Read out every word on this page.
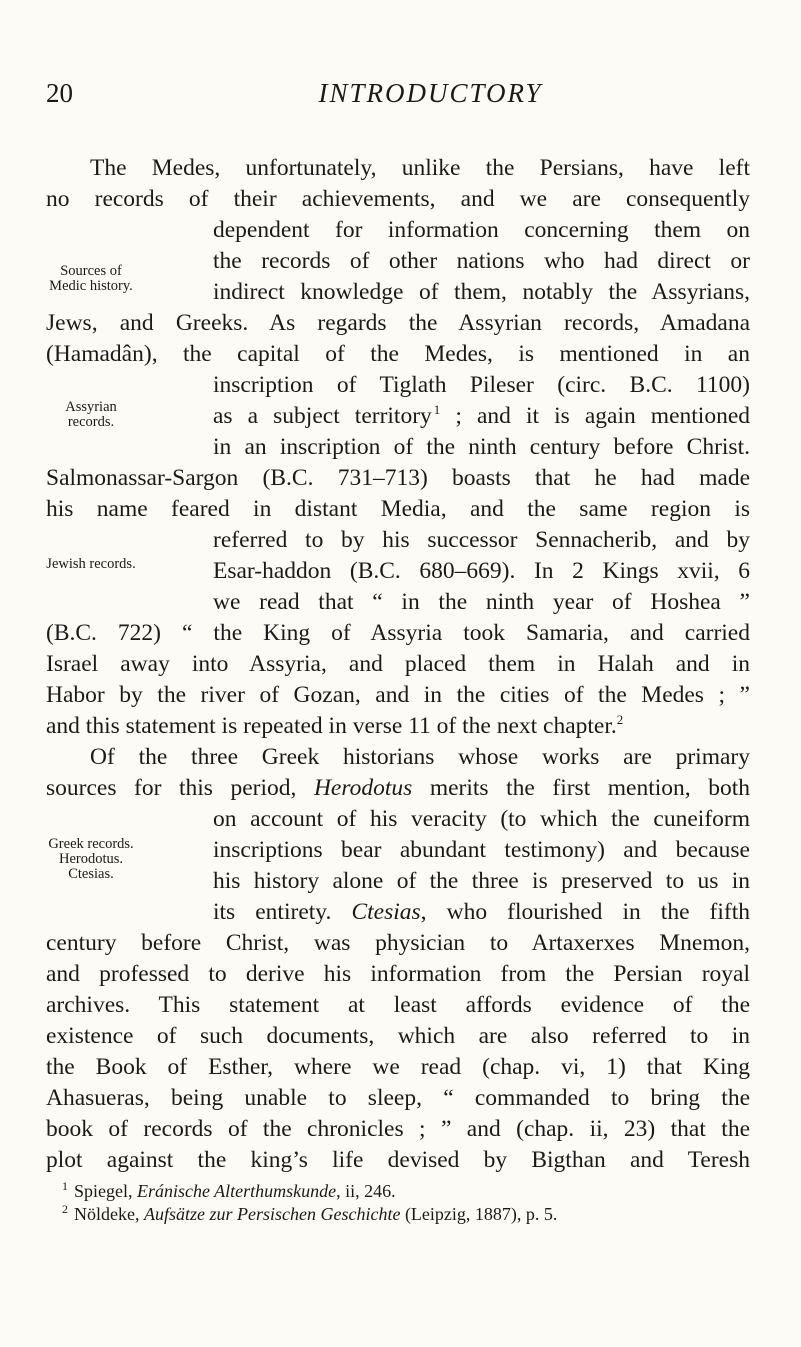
20	INTRODUCTORY
Sources of
Medic history.
Assyrian
records.
Jewish records.
Greek records.
Herodotus.
Ctesias.
The Medes, unfortunately, unlike the Persians, have left
no records of their achievements, and we are consequently
dependent for information concerning them on
the records of other nations who had direct or
indirect knowledge of them, notably the Assyrians,
Jews, and Greeks. As regards the Assyrian records, Amadana
(Hamadân), the capital of the Medes, is mentioned in an
inscription of Tiglath Pileser (circ. B.C. 1100)
as a subject territory  $^1$ ; and it is again mentioned
in an inscription of the ninth century before Christ.
Salmonassar-Sargon (B.C. 731–713) boasts that he had made
his name feared in distant Media, and the same region is
referred to by his successor Sennacherib, and by
Esar-haddon (B.C. 680–669). In 2 Kings xvii, 6
we read that “ in the ninth year of Hoshea ”
(B.C. 722) “ the King of Assyria took Samaria, and carried
Israel away into Assyria, and placed them in Halah and in
Habor by the river of Gozan, and in the cities of the Medes ; ”
and this statement is repeated in verse 11 of the next chapter.$^2$
Of the three Greek historians whose works are primary
sources for this period, Herodotus merits the first mention, both
on account of his veracity (to which the cuneiform
inscriptions bear abundant testimony) and because
his history alone of the three is preserved to us in
its entirety. Ctesias, who flourished in the fifth
century before Christ, was physician to Artaxerxes Mnemon,
and professed to derive his information from the Persian royal
archives. This statement at least affords evidence of the
existence of such documents, which are also referred to in
the Book of Esther, where we read (chap. vi, 1) that King
Ahasueras, being unable to sleep, “ commanded to bring the
book of records of the chronicles ; ” and (chap. ii, 23) that the
plot against the king’s life devised by Bigthan and Teresh
$^1$ Spiegel, Eránische Alterthumskunde, ii, 246.
$^2$ Nöldeke, Aufsätze zur Persischen Geschichte (Leipzig, 1887), p. 5.
